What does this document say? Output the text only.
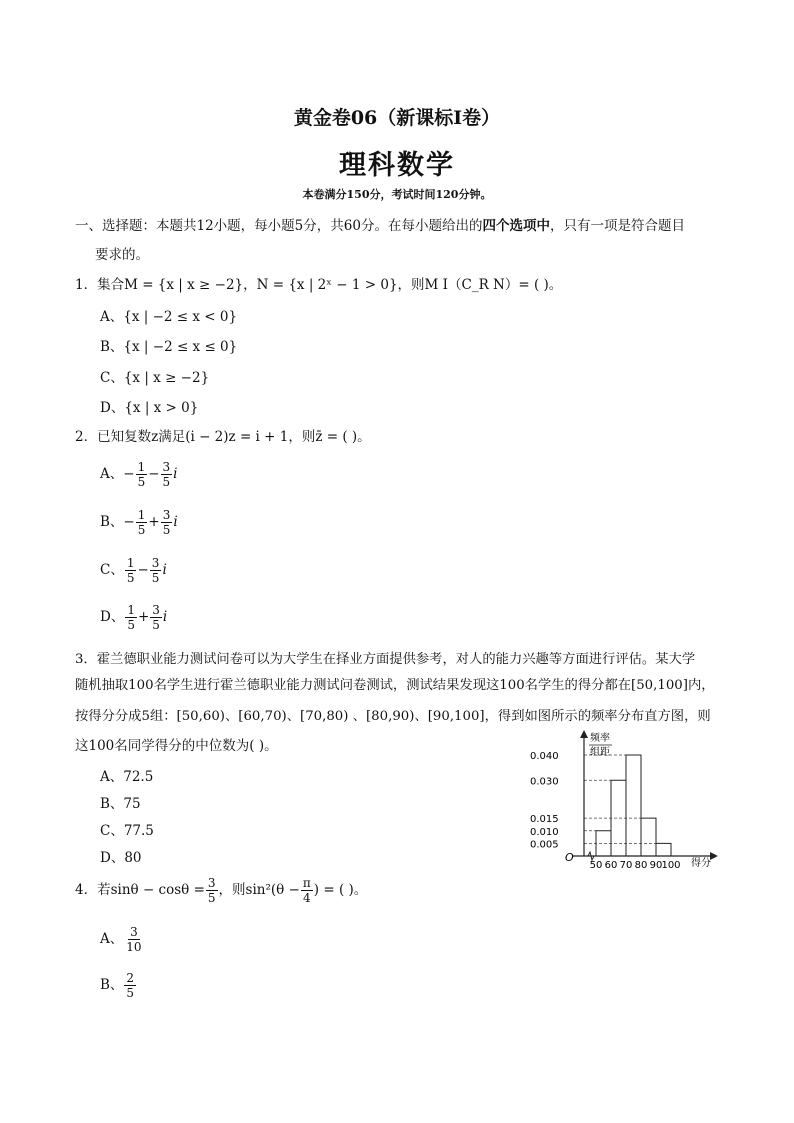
黄金卷06（新课标Ⅰ卷）
理科数学
本卷满分150分，考试时间120分钟。
一、选择题：本题共12小题，每小题5分，共60分。在每小题给出的四个选项中，只有一项是符合题目
要求的。
1．集合M = {x | x ≥ −2}，N = {x | 2ˣ − 1 > 0}，则M I（C_R N）= ( )。
A、{x | −2 ≤ x < 0}
B、{x | −2 ≤ x ≤ 0}
C、{x | x ≥ −2}
D、{x | x > 0}
2．已知复数z满足(i − 2)z = i + 1，则z̄ = ( )。
A、− $\frac{1}{5} - \frac{3}{5}$ i
B、− $\frac{1}{5} + \frac{3}{5}$ i
C、 $\frac{1}{5} - \frac{3}{5}$ i
D、 $\frac{1}{5} + \frac{3}{5}$ i
3．霍兰德职业能力测试问卷可以为大学生在择业方面提供参考，对人的能力兴趣等方面进行评估。某大学
随机抽取100名学生进行霍兰德职业能力测试问卷测试，测试结果发现这100名学生的得分都在[50,100]内，
按得分分成5组：[50,60)、[60,70)、[70,80) 、[80,90)、[90,100]，得到如图所示的频率分布直方图，则
这100名同学得分的中位数为( )。
A、72.5
B、75
C、77.5
D、80
频率
组距
O	得分
0.005
0.010
0.015
0.030
0.040
50 60 70 80 90 100
4．若$\sin\theta - \cos\theta = \frac{3}{5}$ ，则$\sin^2(\theta - \frac{\pi}{4}$ ) = ( )。
A、 $\frac{3}{10}$
B、 $\frac{2}{5}$
